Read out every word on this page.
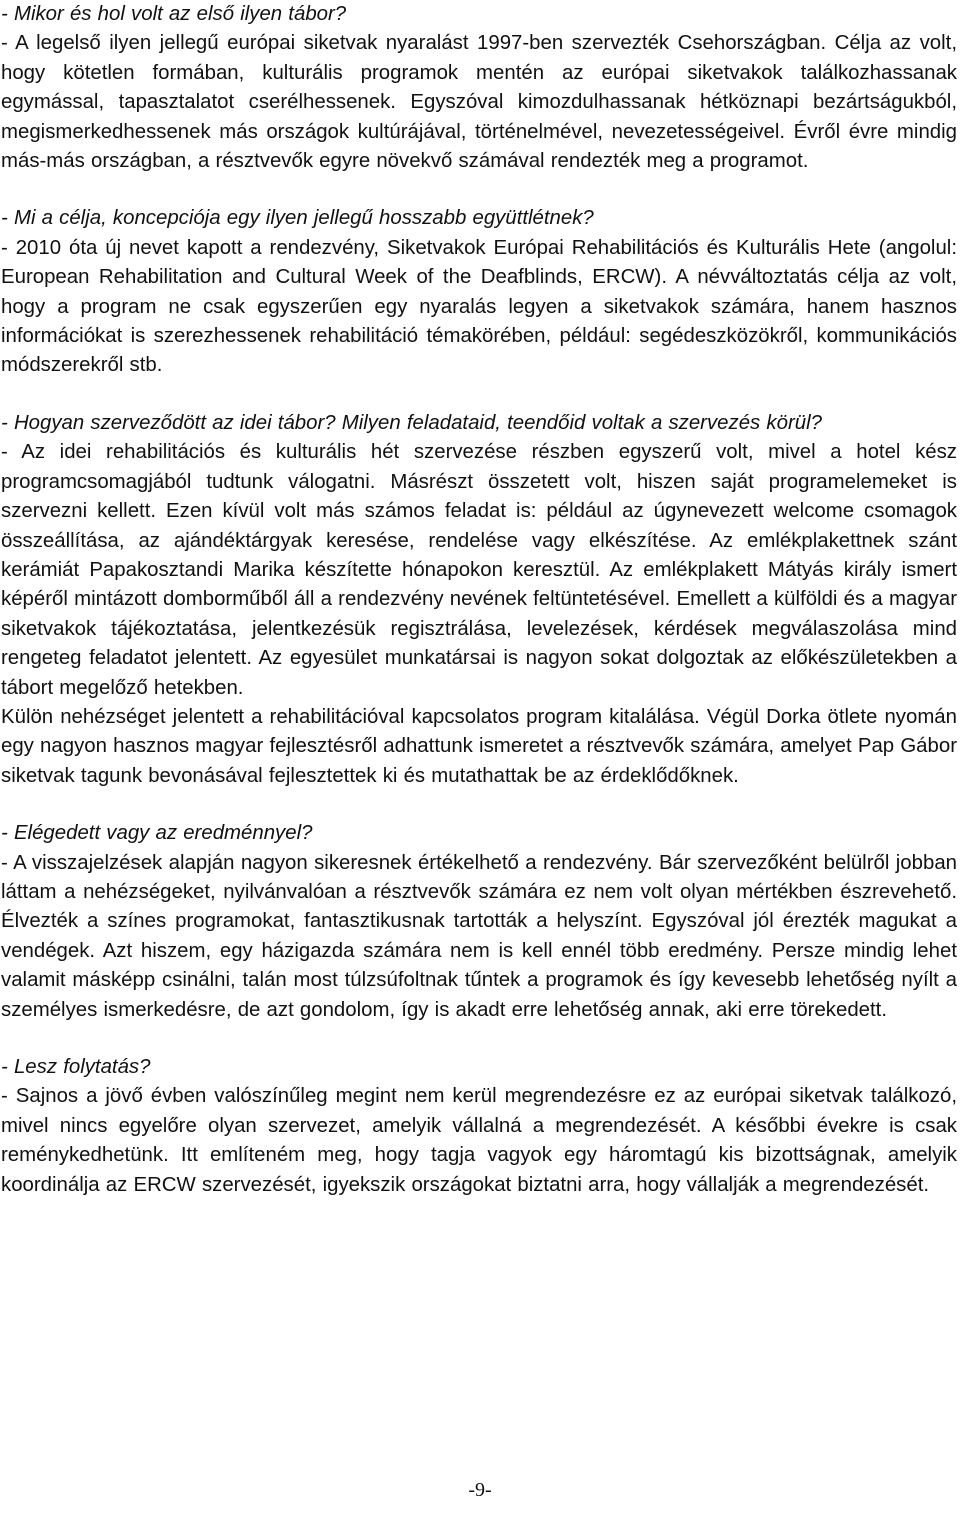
- Mikor és hol volt az első ilyen tábor?

- A legelső ilyen jellegű európai siketvak nyaralást 1997-ben szervezték Csehországban. Célja az volt, hogy kötetlen formában, kulturális programok mentén az európai siketvakok találkozhassanak egymással, tapasztalatot cserélhessenek. Egyszóval kimozdulhassanak hétköznapi bezártságukból, megismerkedhessenek más országok kultúrájával, történelmével, nevezetességeivel. Évről évre mindig más-más országban, a résztvevők egyre növekvő számával rendezték meg a programot.

- Mi a célja, koncepciója egy ilyen jellegű hosszabb együttlétnek?

- 2010 óta új nevet kapott a rendezvény, Siketvakok Európai Rehabilitációs és Kulturális Hete (angolul: European Rehabilitation and Cultural Week of the Deafblinds, ERCW). A névváltoztatás célja az volt, hogy a program ne csak egyszerűen egy nyaralás legyen a siketvakok számára, hanem hasznos információkat is szerezhessenek rehabilitáció témakörében, például: segédeszközökről, kommunikációs módszerekről stb.

- Hogyan szerveződött az idei tábor? Milyen feladataid, teendőid voltak a szervezés körül?

- Az idei rehabilitációs és kulturális hét szervezése részben egyszerű volt, mivel a hotel kész programcsomagjából tudtunk válogatni. Másrészt összetett volt, hiszen saját programelemeket is szervezni kellett. Ezen kívül volt más számos feladat is: például az úgynevezett welcome csomagok összeállítása, az ajándéktárgyak keresése, rendelése vagy elkészítése. Az emlékplakettnek szánt kerámiát Papakosztandi Marika készítette hónapokon keresztül. Az emlékplakett Mátyás király ismert képéről mintázott domborműből áll a rendezvény nevének feltüntetésével. Emellett a külföldi és a magyar siketvakok tájékoztatása, jelentkezésük regisztrálása, levelezések, kérdések megválaszolása mind rengeteg feladatot jelentett. Az egyesület munkatársai is nagyon sokat dolgoztak az előkészületekben a tábort megelőző hetekben.

Külön nehézséget jelentett a rehabilitációval kapcsolatos program kitalálása. Végül Dorka ötlete nyomán egy nagyon hasznos magyar fejlesztésről adhattunk ismeretet a résztvevők számára, amelyet Pap Gábor siketvak tagunk bevonásával fejlesztettek ki és mutathattak be az érdeklődőknek.

- Elégedett vagy az eredménnyel?

- A visszajelzések alapján nagyon sikeresnek értékelhető a rendezvény. Bár szervezőként belülről jobban láttam a nehézségeket, nyilvánvalóan a résztvevők számára ez nem volt olyan mértékben észrevehető. Élvezték a színes programokat, fantasztikusnak tartották a helyszínt. Egyszóval jól érezték magukat a vendégek. Azt hiszem, egy házigazda számára nem is kell ennél több eredmény. Persze mindig lehet valamit másképp csinálni, talán most túlzsúfoltnak tűntek a programok és így kevesebb lehetőség nyílt a személyes ismerkedésre, de azt gondolom, így is akadt erre lehetőség annak, aki erre törekedett.

- Lesz folytatás?

- Sajnos a jövő évben valószínűleg megint nem kerül megrendezésre ez az európai siketvak találkozó, mivel nincs egyelőre olyan szervezet, amelyik vállalná a megrendezését. A későbbi évekre is csak reménykedhetünk. Itt említeném meg, hogy tagja vagyok egy háromtagú kis bizottságnak, amelyik koordinálja az ERCW szervezését, igyekszik országokat biztatni arra, hogy vállalják a megrendezését.

-9-
